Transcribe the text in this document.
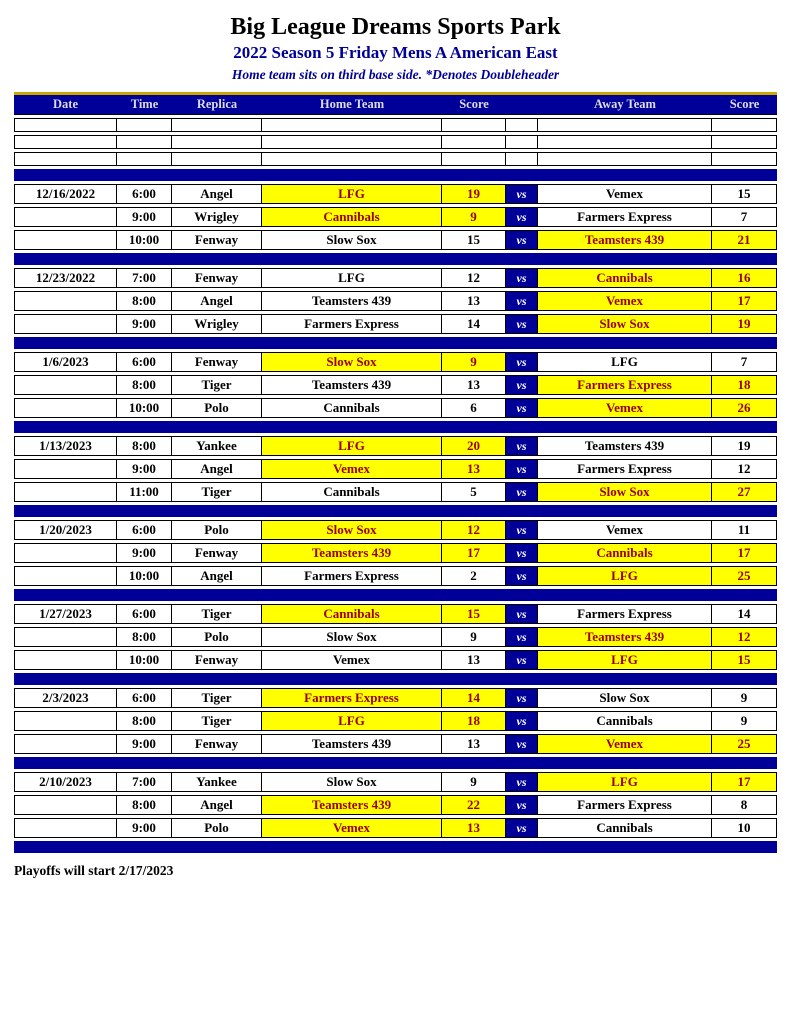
Big League Dreams Sports Park
2022 Season 5 Friday Mens A American East
Home team sits on third base side. *Denotes Doubleheader
Date	Time	Replica	Home Team	Score		Away Team	Score

12/16/2022	6:00	Angel	LFG	19	vs	Vemex	15
	9:00	Wrigley	Cannibals	9	vs	Farmers Express	7
	10:00	Fenway	Slow Sox	15	vs	Teamsters 439	21

12/23/2022	7:00	Fenway	LFG	12	vs	Cannibals	16
	8:00	Angel	Teamsters 439	13	vs	Vemex	17
	9:00	Wrigley	Farmers Express	14	vs	Slow Sox	19

1/6/2023	6:00	Fenway	Slow Sox	9	vs	LFG	7
	8:00	Tiger	Teamsters 439	13	vs	Farmers Express	18
	10:00	Polo	Cannibals	6	vs	Vemex	26

1/13/2023	8:00	Yankee	LFG	20	vs	Teamsters 439	19
	9:00	Angel	Vemex	13	vs	Farmers Express	12
	11:00	Tiger	Cannibals	5	vs	Slow Sox	27

1/20/2023	6:00	Polo	Slow Sox	12	vs	Vemex	11
	9:00	Fenway	Teamsters 439	17	vs	Cannibals	17
	10:00	Angel	Farmers Express	2	vs	LFG	25

1/27/2023	6:00	Tiger	Cannibals	15	vs	Farmers Express	14
	8:00	Polo	Slow Sox	9	vs	Teamsters 439	12
	10:00	Fenway	Vemex	13	vs	LFG	15

2/3/2023	6:00	Tiger	Farmers Express	14	vs	Slow Sox	9
	8:00	Tiger	LFG	18	vs	Cannibals	9
	9:00	Fenway	Teamsters 439	13	vs	Vemex	25

2/10/2023	7:00	Yankee	Slow Sox	9	vs	LFG	17
	8:00	Angel	Teamsters 439	22	vs	Farmers Express	8
	9:00	Polo	Vemex	13	vs	Cannibals	10

Playoffs will start 2/17/2023
